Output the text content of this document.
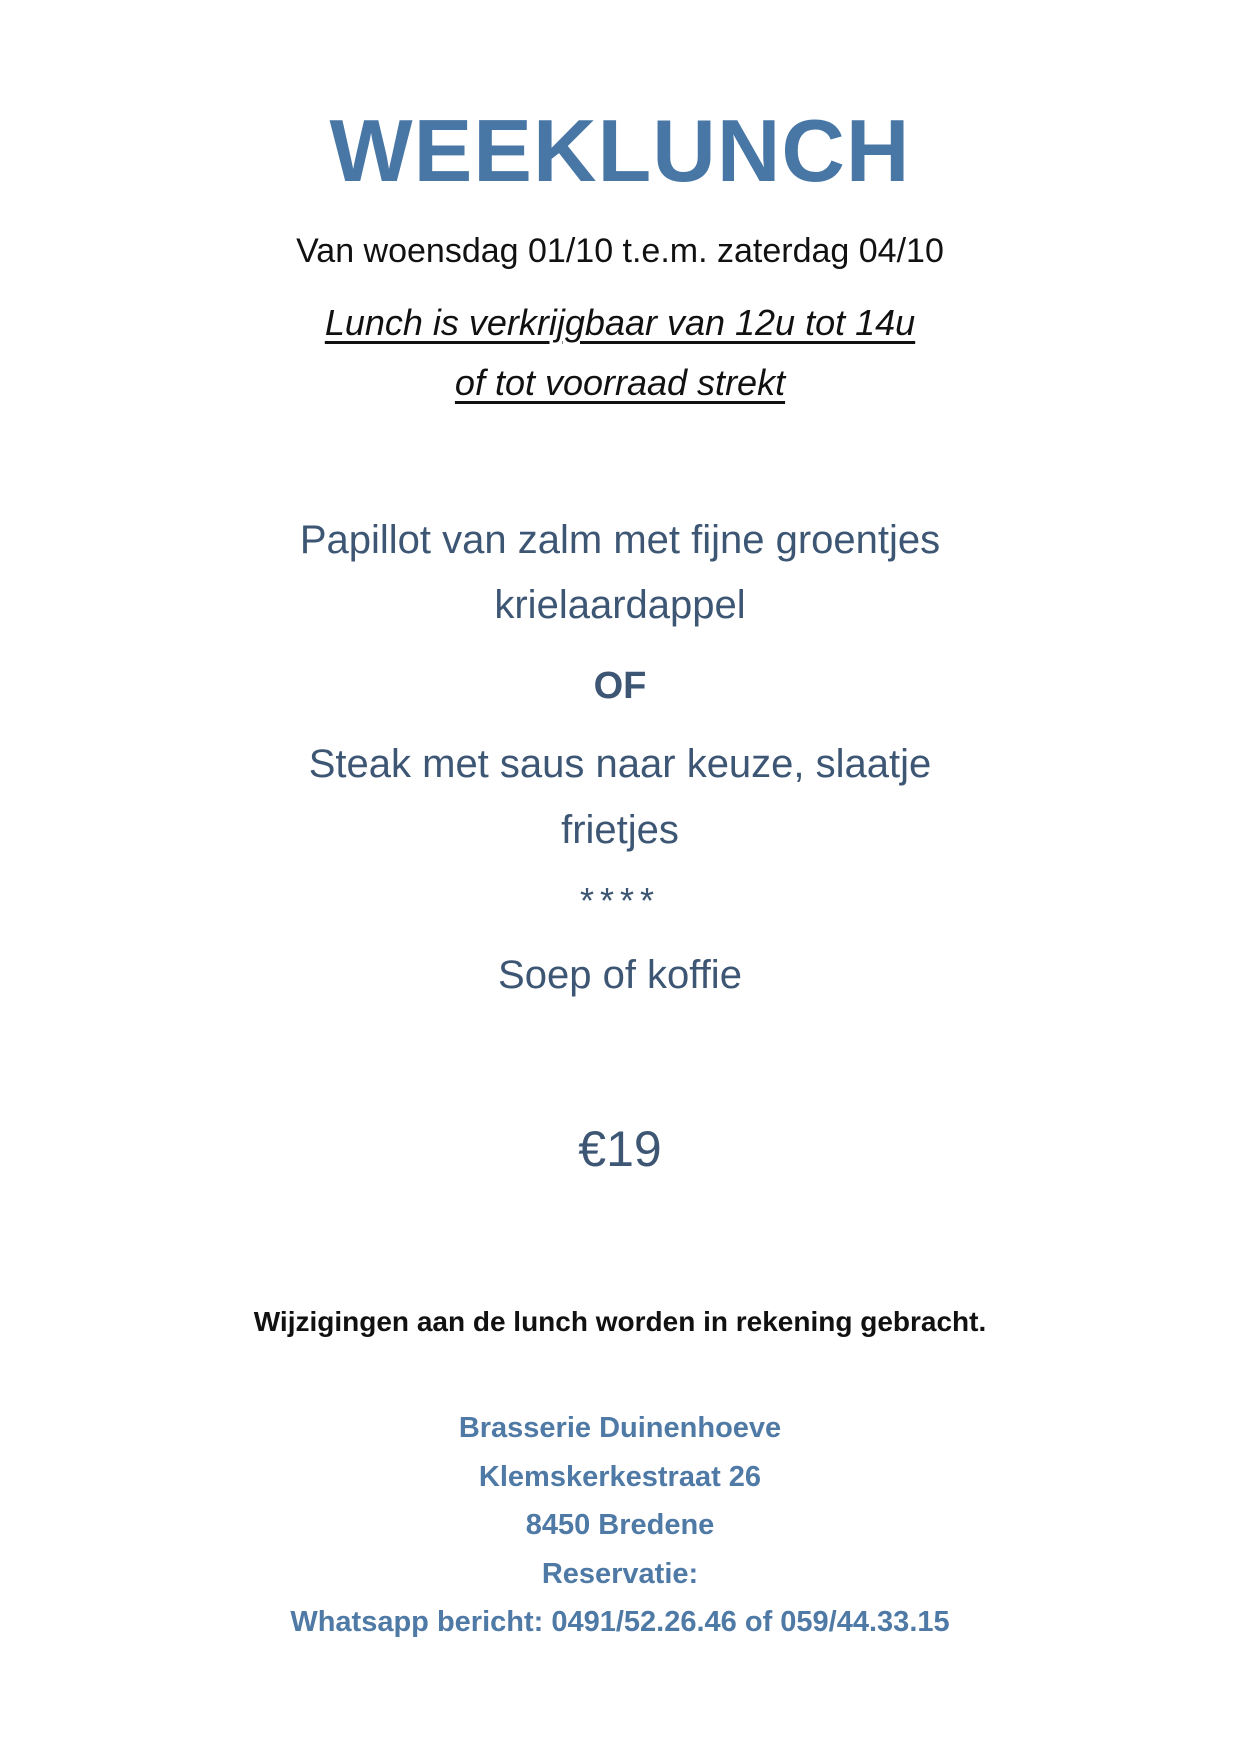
WEEKLUNCH
Van woensdag 01/10 t.e.m. zaterdag 04/10
Lunch is verkrijgbaar van 12u tot 14u
of tot voorraad strekt
Papillot van zalm met fijne groentjes
krielaardappel
OF
Steak met saus naar keuze, slaatje
frietjes
****
Soep of koffie
€19
Wijzigingen aan de lunch worden in rekening gebracht.
Brasserie Duinenhoeve
Klemskerkestraat 26
8450 Bredene
Reservatie:
Whatsapp bericht: 0491/52.26.46 of 059/44.33.15
